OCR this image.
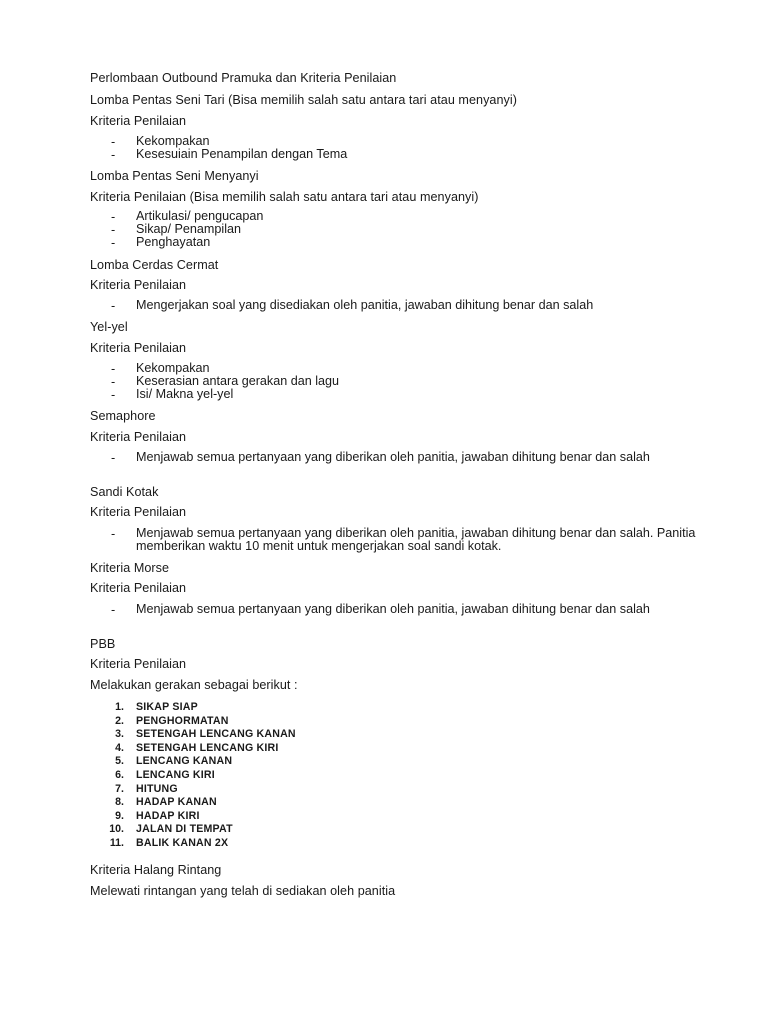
Perlombaan Outbound Pramuka dan Kriteria Penilaian
Lomba Pentas Seni Tari (Bisa memilih salah satu antara tari atau menyanyi)
Kriteria Penilaian
- Kekompakan
- Kesesuiain Penampilan dengan Tema
Lomba Pentas Seni Menyanyi
Kriteria Penilaian (Bisa memilih salah satu antara tari atau menyanyi)
- Artikulasi/ pengucapan
- Sikap/ Penampilan
- Penghayatan
Lomba Cerdas Cermat
Kriteria Penilaian
- Mengerjakan soal yang disediakan oleh panitia, jawaban dihitung benar dan salah
Yel-yel
Kriteria Penilaian
- Kekompakan
- Keserasian antara gerakan dan lagu
- Isi/ Makna yel-yel
Semaphore
Kriteria Penilaian
- Menjawab semua pertanyaan yang diberikan oleh panitia, jawaban dihitung benar dan salah
Sandi Kotak
Kriteria Penilaian
- Menjawab semua pertanyaan yang diberikan oleh panitia, jawaban dihitung benar dan salah. Panitia memberikan waktu 10 menit untuk mengerjakan soal sandi kotak.
Kriteria Morse
Kriteria Penilaian
- Menjawab semua pertanyaan yang diberikan oleh panitia, jawaban dihitung benar dan salah
PBB
Kriteria Penilaian
Melakukan gerakan sebagai berikut :
1. SIKAP SIAP
2. PENGHORMATAN
3. SETENGAH LENCANG KANAN
4. SETENGAH LENCANG KIRI
5. LENCANG KANAN
6. LENCANG KIRI
7. HITUNG
8. HADAP KANAN
9. HADAP KIRI
10. JALAN DI TEMPAT
11. BALIK KANAN 2X
Kriteria Halang Rintang
Melewati rintangan yang telah di sediakan oleh panitia
